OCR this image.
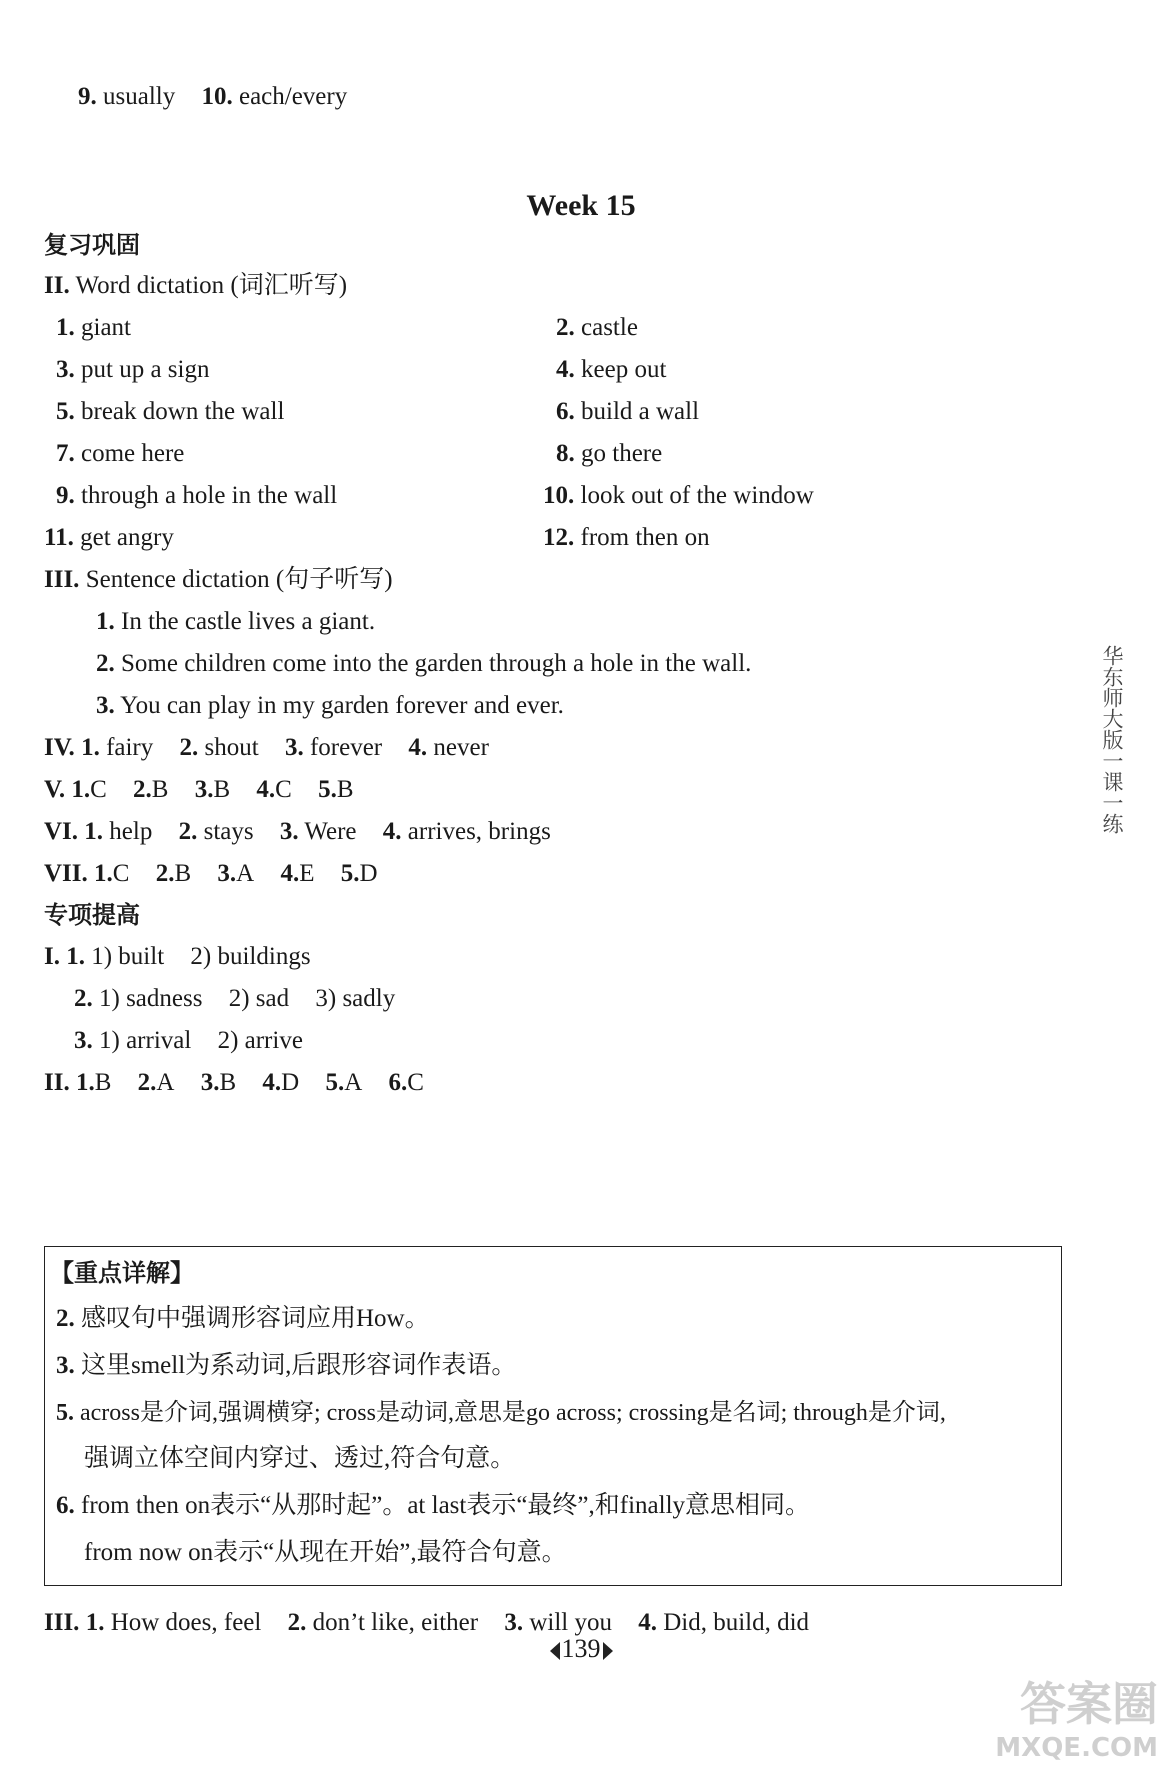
9. usually 10. each/every
Week 15
复习巩固
II. Word dictation (词汇听写)
1. giant	2. castle
3. put up a sign	4. keep out
5. break down the wall	6. build a wall
7. come here	8. go there
9. through a hole in the wall	10. look out of the window
11. get angry	12. from then on
III. Sentence dictation (句子听写)
1. In the castle lives a giant.
2. Some children come into the garden through a hole in the wall.
3. You can play in my garden forever and ever.
IV. 1. fairy 2. shout 3. forever 4. never
V. 1.C 2.B 3.B 4.C 5.B
VI. 1. help 2. stays 3. Were 4. arrives, brings
VII. 1.C 2.B 3.A 4.E 5.D
专项提高
I. 1. 1) built 2) buildings
2. 1) sadness 2) sad 3) sadly
3. 1) arrival 2) arrive
II. 1.B 2.A 3.B 4.D 5.A 6.C
【重点详解】
2. 感叹句中强调形容词应用How。
3. 这里smell为系动词,后跟形容词作表语。
5. across是介词,强调横穿; cross是动词,意思是go across; crossing是名词; through是介词,
强调立体空间内穿过、透过,符合句意。
6. from then on表示“从那时起”。at last表示“最终”,和finally意思相同。
from now on表示“从现在开始”,最符合句意。
III. 1. How does, feel 2. don’t like, either 3. will you 4. Did, build, did
华东师大版一课一练
139
答案圈
MXQE.COM
